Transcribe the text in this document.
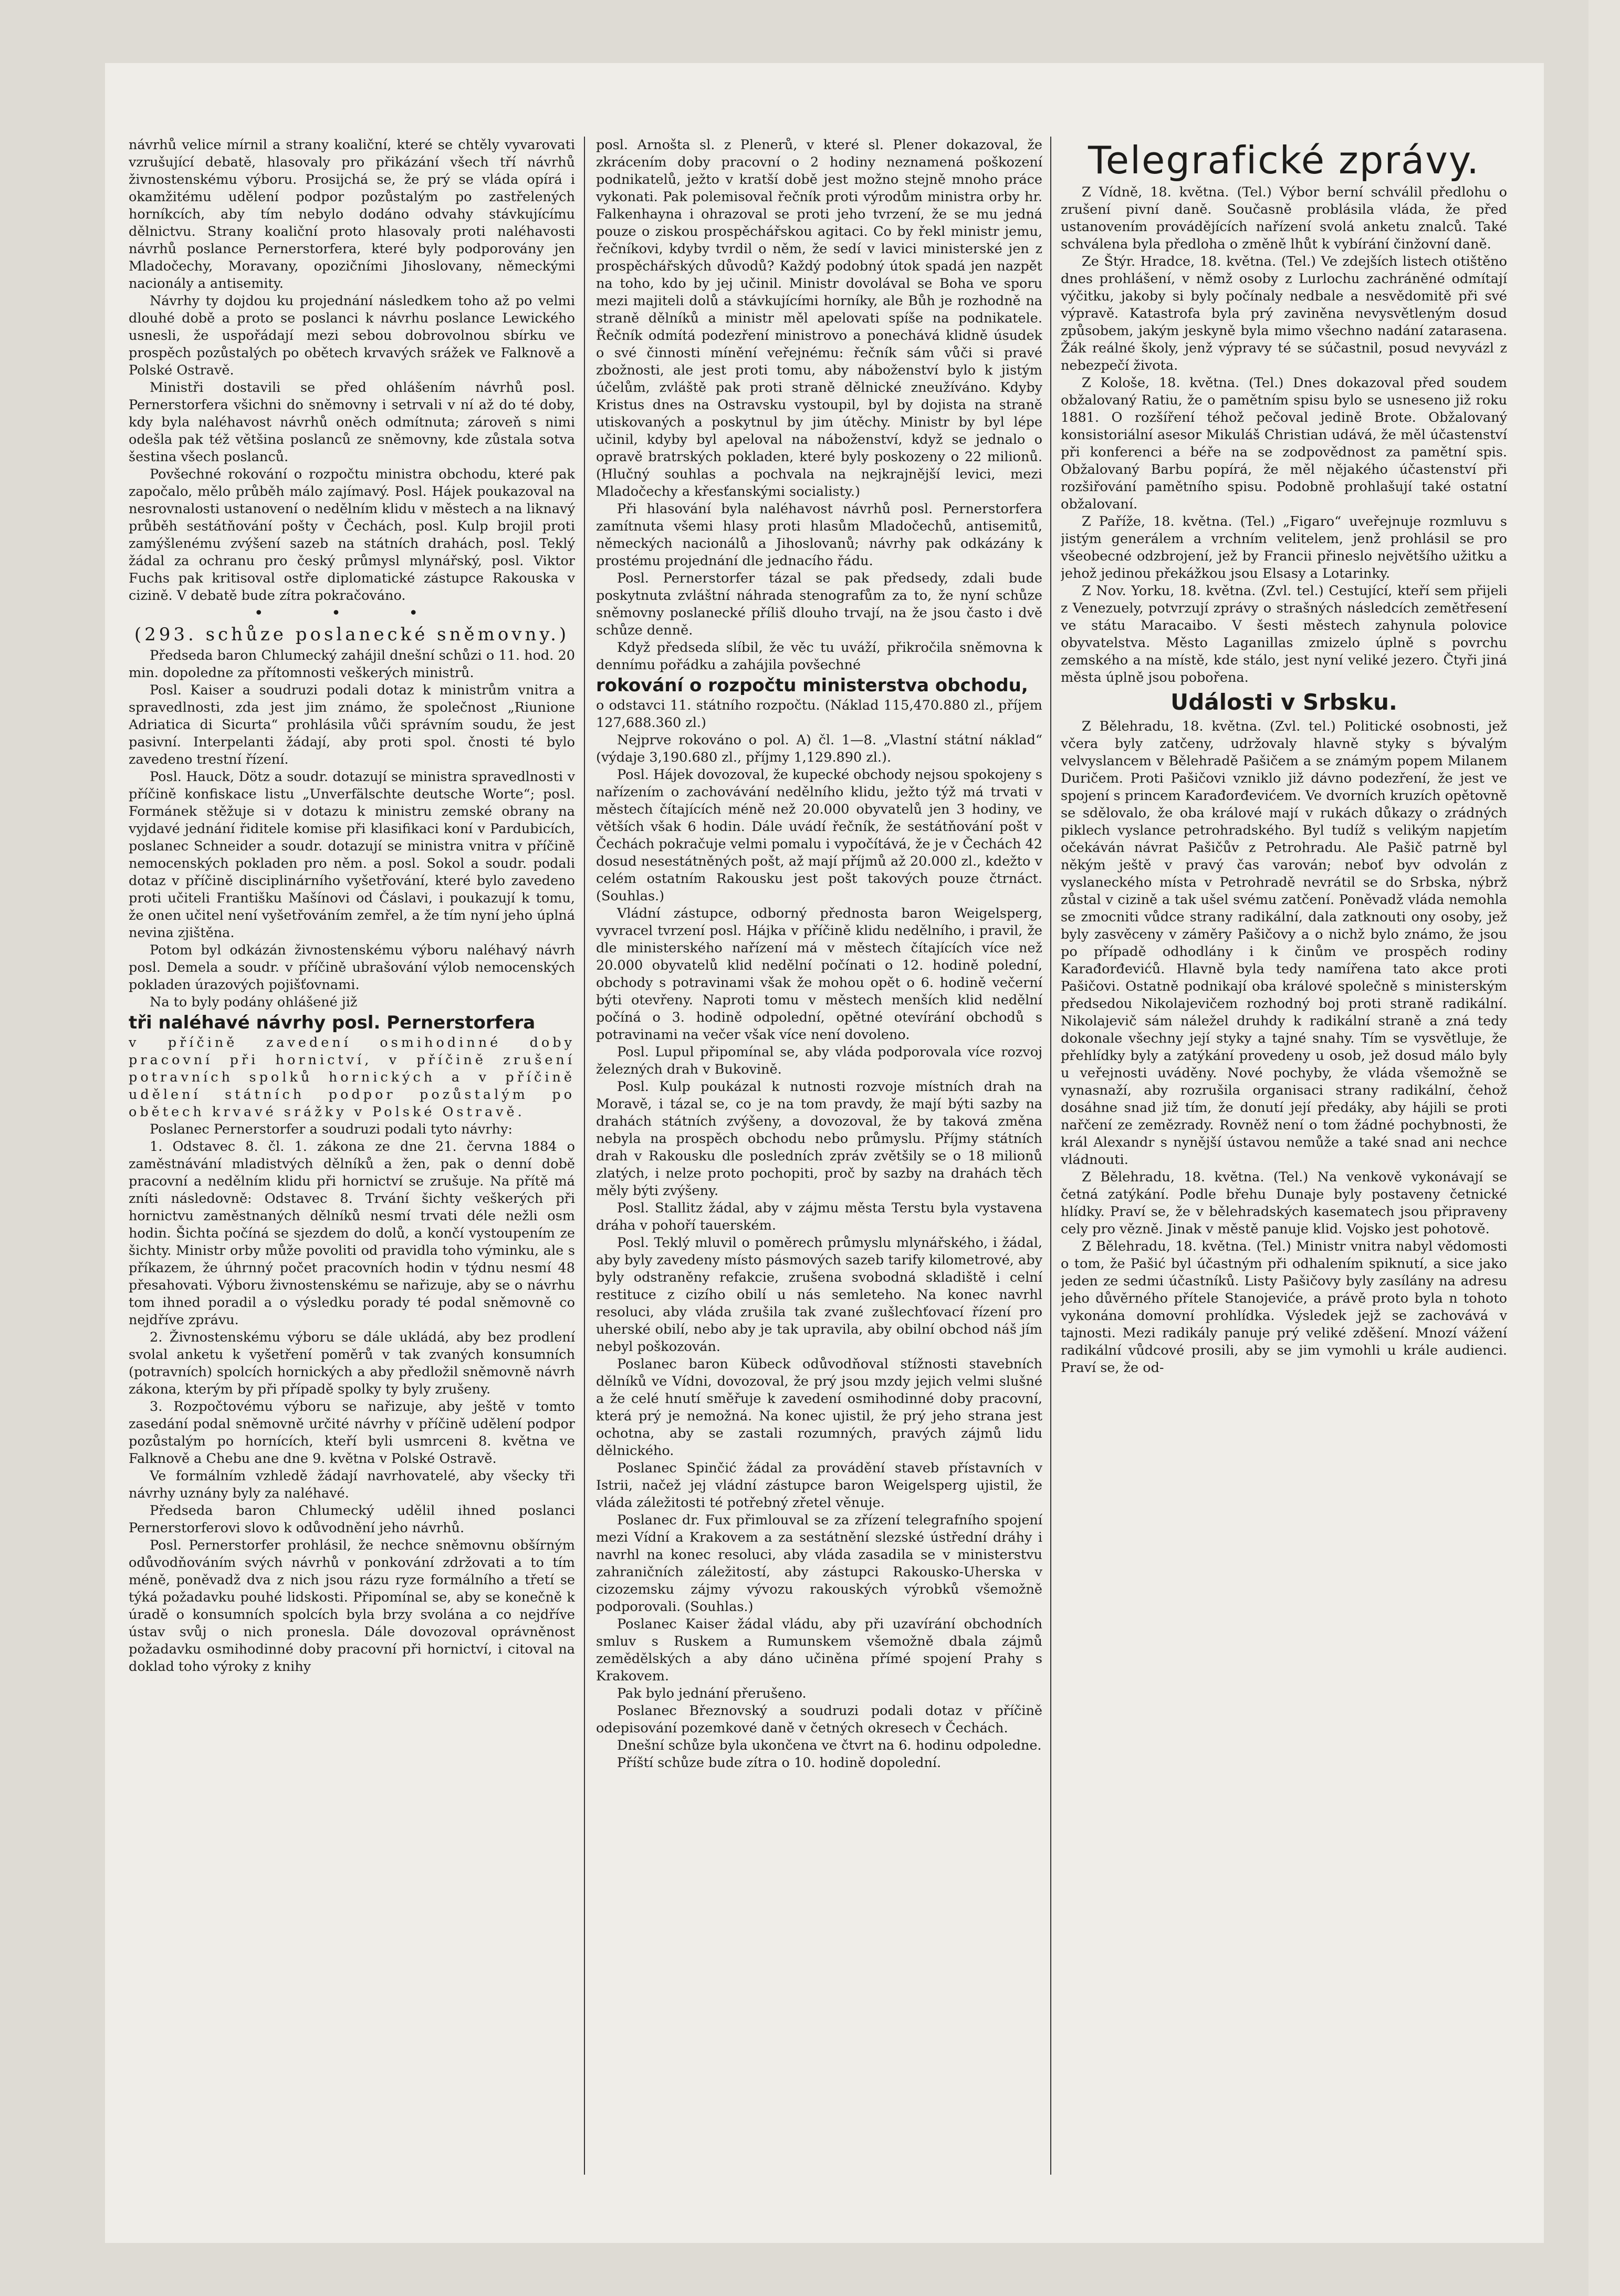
návrhů velice mírnil a strany koaliční, které se chtěly vyvarovati vzrušující debatě, hlasovaly pro přikázání všech tří návrhů živnostenskému výboru. Prosijchá se, že prý se vláda opírá i okamžitému udělení podpor pozůstalým po zastřelených horníkcích, aby tím nebylo dodáno odvahy stávkujícímu dělnictvu. Strany koaliční proto hlasovaly proti naléhavosti návrhů poslance Pernerstorfera, které byly podporovány jen Mladočechy, Moravany, opozičními Jihoslovany, německými nacionály a antisemity.

Návrhy ty dojdou ku projednání následkem toho až po velmi dlouhé době a proto se poslanci k návrhu poslance Lewického usnesli, že uspořádají mezi sebou dobrovolnou sbírku ve prospěch pozůstalých po obětech krvavých srážek ve Falknově a Polské Ostravě.

Ministři dostavili se před ohlášením návrhů posl. Pernerstorfera všichni do sněmovny i setrvali v ní až do té doby, kdy byla naléhavost návrhů oněch odmítnuta; zároveň s nimi odešla pak též většina poslanců ze sněmovny, kde zůstala sotva šestina všech poslanců.

Povšechné rokování o rozpočtu ministra obchodu, které pak započalo, mělo průběh málo zajímavý. Posl. Hájek poukazoval na nesrovnalosti ustanovení o nedělním klidu v městech a na liknavý průběh sestátňování pošty v Čechách, posl. Kulp brojil proti zamýšlenému zvýšení sazeb na státních drahách, posl. Teklý žádal za ochranu pro český průmysl mlynářský, posl. Viktor Fuchs pak kritisoval ostře diplomatické zástupce Rakouska v cizině. V debatě bude zítra pokračováno.

• • •

(293. schůze poslanecké sněmovny.)

Předseda baron Chlumecký zahájil dnešní schůzi o 11. hod. 20 min. dopoledne za přítomnosti veškerých ministrů.

Posl. Kaiser a soudruzi podali dotaz k ministrům vnitra a spravedlnosti, zda jest jim známo, že společnost „Riunione Adriatica di Sicurta“ prohlásila vůči správním soudu, že jest pasivní. Interpelanti žádají, aby proti spol. čnosti té bylo zavedeno trestní řízení.

Posl. Hauck, Dötz a soudr. dotazují se ministra spravedlnosti v příčině konfiskace listu „Unverfälschte deutsche Worte“; posl. Formánek stěžuje si v dotazu k ministru zemské obrany na vyjdavé jednání řiditele komise při klasifikaci koní v Pardubicích, poslanec Schneider a soudr. dotazují se ministra vnitra v příčině nemocenských pokladen pro něm. a posl. Sokol a soudr. podali dotaz v příčině disciplinárního vyšetřování, které bylo zavedeno proti učiteli Františku Mašínovi od Čáslavi, i poukazují k tomu, že onen učitel není vyšetřováním zemřel, a že tím nyní jeho úplná nevina zjištěna.

Potom byl odkázán živnostenskému výboru naléhavý návrh posl. Demela a soudr. v příčině ubrašování výlob nemocenských pokladen úrazových pojišťovnami.

Na to byly podány ohlášené již

tři naléhavé návrhy posl. Pernerstorfera

v příčině zavedení osmihodinné doby pracovní při hornictví, v příčině zrušení potravních spolků hornických a v příčině udělení státních podpor pozůstalým po obětech krvavé srážky v Polské Ostravě.

Poslanec Pernerstorfer a soudruzi podali tyto návrhy:

1. Odstavec 8. čl. 1. zákona ze dne 21. června 1884 o zaměstnávání mladistvých dělníků a žen, pak o denní době pracovní a nedělním klidu při hornictví se zrušuje. Na přítě má zníti následovně: Odstavec 8. Trvání šichty veškerých při hornictvu zaměstnaných dělníků nesmí trvati déle nežli osm hodin. Šichta počíná se sjezdem do dolů, a končí vystoupením ze šichty. Ministr orby může povoliti od pravidla toho výminku, ale s příkazem, že úhrnný počet pracovních hodin v týdnu nesmí 48 přesahovati. Výboru živnostenskému se nařizuje, aby se o návrhu tom ihned poradil a o výsledku porady té podal sněmovně co nejdříve zprávu.

2. Živnostenskému výboru se dále ukládá, aby bez prodlení svolal anketu k vyšetření poměrů v tak zvaných konsumních (potravních) spolcích hornických a aby předložil sněmovně návrh zákona, kterým by při případě spolky ty byly zrušeny.

3. Rozpočtovému výboru se nařizuje, aby ještě v tomto zasedání podal sněmovně určité návrhy v příčině udělení podpor pozůstalým po hornících, kteří byli usmrceni 8. května ve Falknově a Chebu ane dne 9. května v Polské Ostravě.

Ve formálním vzhledě žádají navrhovatelé, aby všecky tři návrhy uznány byly za naléhavé.

Předseda baron Chlumecký udělil ihned poslanci Pernerstorferovi slovo k odůvodnění jeho návrhů.

Posl. Pernerstorfer prohlásil, že nechce sněmovnu obšírným odůvodňováním svých návrhů v ponkování zdržovati a to tím méně, poněvadž dva z nich jsou rázu ryze formálního a třetí se týká požadavku pouhé lidskosti. Připomínal se, aby se konečně k úradě o konsumních spolcích byla brzy svolána a co nejdříve ústav svůj o nich pronesla. Dále dovozoval oprávněnost požadavku osmihodinné doby pracovní při hornictví, i citoval na doklad toho výroky z knihy

posl. Arnošta sl. z Plenerů, v které sl. Plener dokazoval, že zkrácením doby pracovní o 2 hodiny neznamená poškození podnikatelů, ježto v kratší době jest možno stejně mnoho práce vykonati. Pak polemisoval řečník proti výrodům ministra orby hr. Falkenhayna i ohrazoval se proti jeho tvrzení, že se mu jedná pouze o ziskou prospěchářskou agitaci. Co by řekl ministr jemu, řečníkovi, kdyby tvrdil o něm, že sedí v lavici ministerské jen z prospěchářských důvodů? Každý podobný útok spadá jen nazpět na toho, kdo by jej učinil. Ministr dovolával se Boha ve sporu mezi majiteli dolů a stávkujícími horníky, ale Bůh je rozhodně na straně dělníků a ministr měl apelovati spíše na podnikatele. Řečník odmítá podezření ministrovo a ponechává klidně úsudek o své činnosti mínění veřejnému: řečník sám vůči si pravé zbožnosti, ale jest proti tomu, aby náboženství bylo k jistým účelům, zvláště pak proti straně dělnické zneužíváno. Kdyby Kristus dnes na Ostravsku vystoupil, byl by dojista na straně utiskovaných a poskytnul by jim útěchy. Ministr by byl lépe učinil, kdyby byl apeloval na náboženství, když se jednalo o opravě bratrských pokladen, které byly poskozeny o 22 milionů. (Hlučný souhlas a pochvala na nejkrajnější levici, mezi Mladočechy a křesťanskými socialisty.)

Při hlasování byla naléhavost návrhů posl. Pernerstorfera zamítnuta všemi hlasy proti hlasům Mladočechů, antisemitů, německých nacionálů a Jihoslovanů; návrhy pak odkázány k prostému projednání dle jednacího řádu.

Posl. Pernerstorfer tázal se pak předsedy, zdali bude poskytnuta zvláštní náhrada stenografům za to, že nyní schůze sněmovny poslanecké příliš dlouho trvají, na že jsou často i dvě schůze denně.

Když předseda slíbil, že věc tu uváží, přikročila sněmovna k dennímu pořádku a zahájila povšechné

rokování o rozpočtu ministerstva obchodu,

o odstavci 11. státního rozpočtu. (Náklad 115,470.880 zl., příjem 127,688.360 zl.)

Nejprve rokováno o pol. A) čl. 1—8. „Vlastní státní náklad“ (výdaje 3,190.680 zl., příjmy 1,129.890 zl.).

Posl. Hájek dovozoval, že kupecké obchody nejsou spokojeny s nařízením o zachovávání nedělního klidu, ježto týž má trvati v městech čítajících méně než 20.000 obyvatelů jen 3 hodiny, ve větších však 6 hodin. Dále uvádí řečník, že sestátňování pošt v Čechách pokračuje velmi pomalu i vypočítává, že je v Čechách 42 dosud nesestátněných pošt, až mají příjmů až 20.000 zl., kdežto v celém ostatním Rakousku jest pošt takových pouze čtrnáct. (Souhlas.)

Vládní zástupce, odborný přednosta baron Weigelsperg, vyvracel tvrzení posl. Hájka v příčině klidu nedělního, i pravil, že dle ministerského nařízení má v městech čítajících více než 20.000 obyvatelů klid nedělní počínati o 12. hodině polední, obchody s potravinami však že mohou opět o 6. hodině večerní býti otevřeny. Naproti tomu v městech menších klid nedělní počíná o 3. hodině odpolední, opětné otevírání obchodů s potravinami na večer však více není dovoleno.

Posl. Lupul připomínal se, aby vláda podporovala více rozvoj železných drah v Bukovině.

Posl. Kulp poukázal k nutnosti rozvoje místních drah na Moravě, i tázal se, co je na tom pravdy, že mají býti sazby na drahách státních zvýšeny, a dovozoval, že by taková změna nebyla na prospěch obchodu nebo průmyslu. Příjmy státních drah v Rakousku dle posledních zpráv zvětšily se o 18 milionů zlatých, i nelze proto pochopiti, proč by sazby na drahách těch měly býti zvýšeny.

Posl. Stallitz žádal, aby v zájmu města Terstu byla vystavena dráha v pohoří tauerském.

Posl. Teklý mluvil o poměrech průmyslu mlynářského, i žádal, aby byly zavedeny místo pásmových sazeb tarify kilometrové, aby byly odstraněny refakcie, zrušena svobodná skladiště i celní restituce z cizího obilí u nás semleteho. Na konec navrhl resoluci, aby vláda zrušila tak zvané zušlechťovací řízení pro uherské obilí, nebo aby je tak upravila, aby obilní obchod náš jím nebyl poškozován.

Poslanec baron Kübeck odůvodňoval stížnosti stavebních dělníků ve Vídni, dovozoval, že prý jsou mzdy jejich velmi slušné a že celé hnutí směřuje k zavedení osmihodinné doby pracovní, která prý je nemožná. Na konec ujistil, že prý jeho strana jest ochotna, aby se zastali rozumných, pravých zájmů lidu dělnického.

Poslanec Spinčić žádal za provádění staveb přístavních v Istrii, načež jej vládní zástupce baron Weigelsperg ujistil, že vláda záležitosti té potřebný zřetel věnuje.

Poslanec dr. Fux přimlouval se za zřízení telegrafního spojení mezi Vídní a Krakovem a za sestátnění slezské ústřední dráhy i navrhl na konec resoluci, aby vláda zasadila se v ministerstvu zahraničních záležitostí, aby zástupci Rakousko-Uherska v cizozemsku zájmy vývozu rakouských výrobků všemožně podporovali. (Souhlas.)

Poslanec Kaiser žádal vládu, aby při uzavírání obchodních smluv s Ruskem a Rumunskem všemožně dbala zájmů zemědělských a aby dáno učiněna přímé spojení Prahy s Krakovem.

Pak bylo jednání přerušeno.

Poslanec Březnovský a soudruzi podali dotaz v příčině odepisování pozemkové daně v četných okresech v Čechách.

Dnešní schůze byla ukončena ve čtvrt na 6. hodinu odpoledne.

Příští schůze bude zítra o 10. hodině dopolední.

Telegrafické zprávy.

Z Vídně, 18. května. (Tel.) Výbor berní schválil předlohu o zrušení pivní daně. Současně problásila vláda, že před ustanovením provádějících nařízení svolá anketu znalců. Také schválena byla předloha o změně lhůt k vybírání činžovní daně.

Ze Štýr. Hradce, 18. května. (Tel.) Ve zdejších listech otištěno dnes prohlášení, v němž osoby z Lurlochu zachráněné odmítají výčitku, jakoby si byly počínaly nedbale a nesvědomitě při své výpravě. Katastrofa byla prý zaviněna nevysvětleným dosud způsobem, jakým jeskyně byla mimo všechno nadání zatarasena. Žák reálné školy, jenž výpravy té se súčastnil, posud nevyvázl z nebezpečí života.

Z Kološe, 18. května. (Tel.) Dnes dokazoval před soudem obžalovaný Ratiu, že o pamětním spisu bylo se usneseno již roku 1881. O rozšíření téhož pečoval jedině Brote. Obžalovaný konsistoriální asesor Mikuláš Christian udává, že měl účastenství při konferenci a béře na se zodpovědnost za pamětní spis. Obžalovaný Barbu popírá, že měl nějakého účastenství při rozšiřování pamětního spisu. Podobně prohlašují také ostatní obžalovaní.

Z Paříže, 18. května. (Tel.) „Figaro“ uveřejnuje rozmluvu s jistým generálem a vrchním velitelem, jenž prohlásil se pro všeobecné odzbrojení, jež by Francii přineslo největšího užitku a jehož jedinou překážkou jsou Elsasy a Lotarinky.

Z Nov. Yorku, 18. května. (Zvl. tel.) Cestující, kteří sem přijeli z Venezuely, potvrzují zprávy o strašných následcích zemětřesení ve státu Maracaibo. V šesti městech zahynula polovice obyvatelstva. Město Laganillas zmizelo úplně s povrchu zemského a na místě, kde stálo, jest nyní veliké jezero. Čtyři jiná města úplně jsou pobořena.

Události v Srbsku.

Z Bělehradu, 18. května. (Zvl. tel.) Politické osobnosti, jež včera byly zatčeny, udržovaly hlavně styky s bývalým velvyslancem v Bělehradě Pašičem a se známým popem Milanem Duričem. Proti Pašičovi vzniklo již dávno podezření, že jest ve spojení s princem Karađorđevićem. Ve dvorních kruzích opětovně se sdělovalo, že oba králové mají v rukách důkazy o zrádných piklech vyslance petrohradského. Byl tudíž s velikým napjetím očekáván návrat Pašičův z Petrohradu. Ale Pašič patrně byl někým ještě v pravý čas varován; neboť byv odvolán z vyslaneckého místa v Petrohradě nevrátil se do Srbska, nýbrž zůstal v cizině a tak ušel svému zatčení. Poněvadž vláda nemohla se zmocniti vůdce strany radikální, dala zatknouti ony osoby, jež byly zasvěceny v záměry Pašičovy a o nichž bylo známo, že jsou po případě odhodlány i k činům ve prospěch rodiny Karađorđevićů. Hlavně byla tedy namířena tato akce proti Pašičovi. Ostatně podnikají oba králové společně s ministerským předsedou Nikolajevičem rozhodný boj proti straně radikální. Nikolajevič sám náležel druhdy k radikální straně a zná tedy dokonale všechny její styky a tajné snahy. Tím se vysvětluje, že přehlídky byly a zatýkání provedeny u osob, jež dosud málo byly u veřejnosti uváděny. Nové pochyby, že vláda všemožně se vynasnaží, aby rozrušila organisaci strany radikální, čehož dosáhne snad již tím, že donutí její předáky, aby hájili se proti nařčení ze zemězrady. Rovněž není o tom žádné pochybnosti, že král Alexandr s nynější ústavou nemůže a také snad ani nechce vládnouti.

Z Bělehradu, 18. května. (Tel.) Na venkově vykonávají se četná zatýkání. Podle břehu Dunaje byly postaveny četnické hlídky. Praví se, že v bělehradských kasematech jsou připraveny cely pro vězně. Jinak v městě panuje klid. Vojsko jest pohotově.

Z Bělehradu, 18. května. (Tel.) Ministr vnitra nabyl vědomosti o tom, že Pašić byl účastným při odhalením spiknutí, a sice jako jeden ze sedmi účastníků. Listy Pašičovy byly zasílány na adresu jeho důvěrného přítele Stanojeviće, a právě proto byla n tohoto vykonána domovní prohlídka. Výsledek jejž se zachovává v tajnosti. Mezi radikály panuje prý veliké zděšení. Mnozí vážení radikální vůdcové prosili, aby se jim vymohli u krále audienci. Praví se, že od-
